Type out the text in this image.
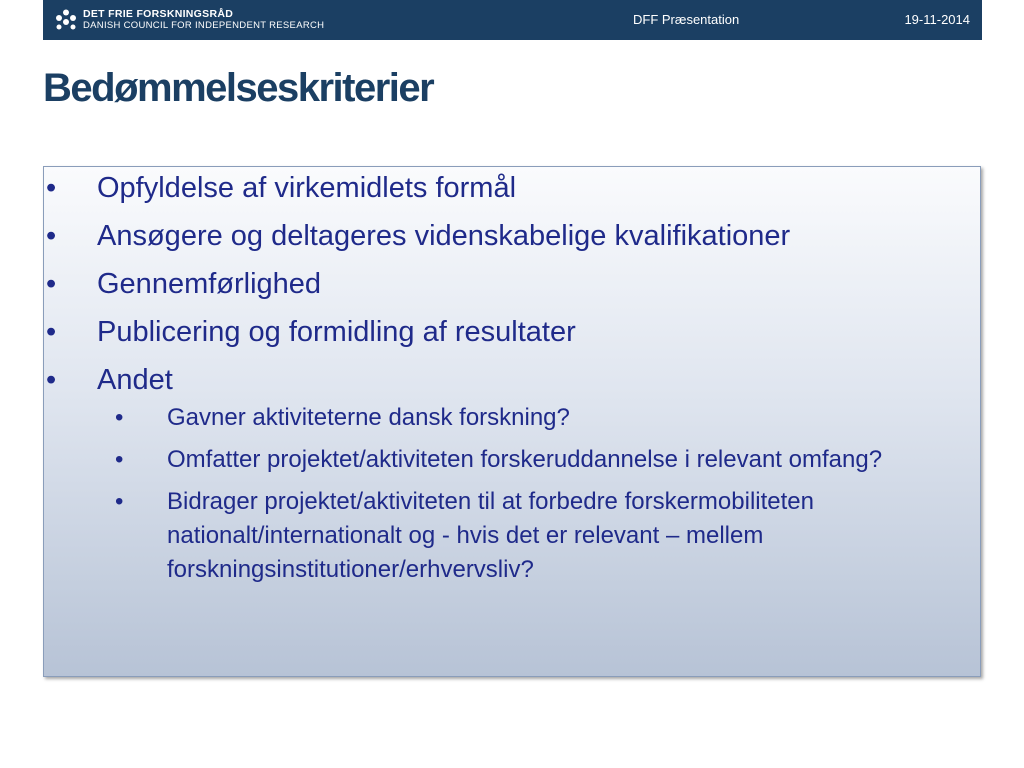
DET FRIE FORSKNINGSRÅD
DANISH COUNCIL FOR INDEPENDENT RESEARCH	DFF Præsentation	19-11-2014
Bedømmelseskriterier
• Opfyldelse af virkemidlets formål
• Ansøgere og deltageres videnskabelige kvalifikationer
• Gennemførlighed
• Publicering og formidling af resultater
• Andet
• Gavner aktiviteterne dansk forskning?
• Omfatter projektet/aktiviteten forskeruddannelse i relevant omfang?
• Bidrager projektet/aktiviteten til at forbedre forskermobiliteten nationalt/internationalt og - hvis det er relevant – mellem forskningsinstitutioner/erhvervsliv?
